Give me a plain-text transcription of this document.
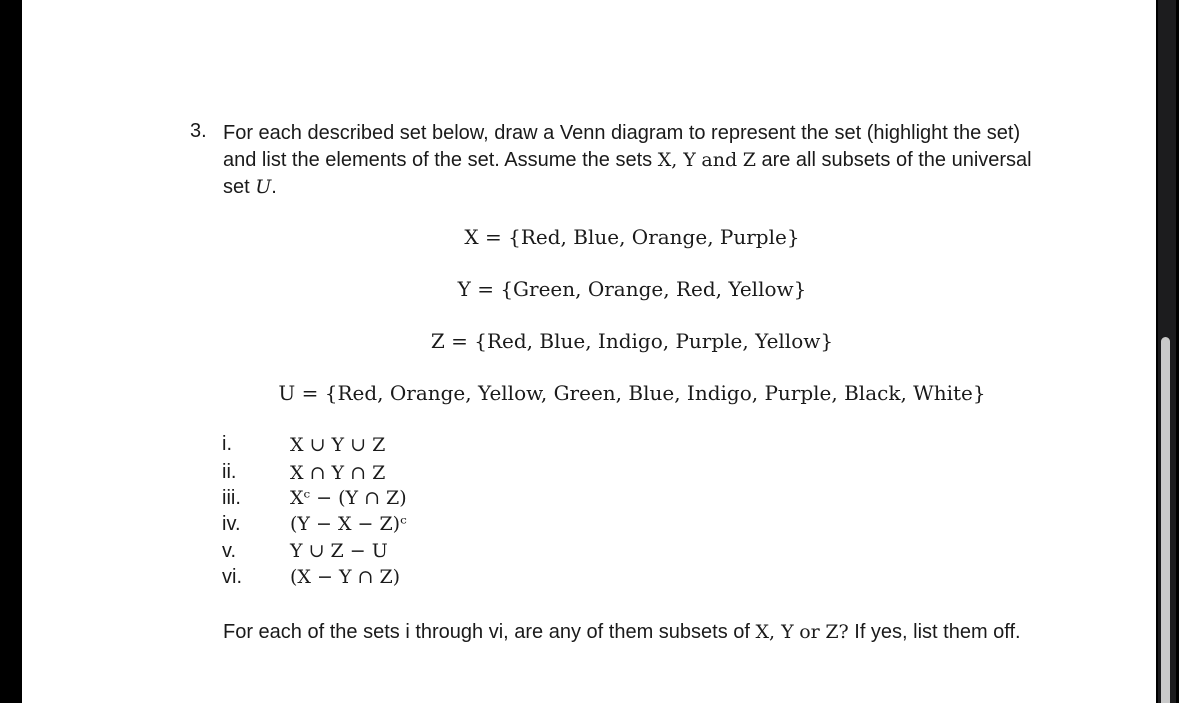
3. For each described set below, draw a Venn diagram to represent the set (highlight the set) and list the elements of the set. Assume the sets X, Y and Z are all subsets of the universal set U.
X = {Red, Blue, Orange, Purple}
Y = {Green, Orange, Red, Yellow}
Z = {Red, Blue, Indigo, Purple, Yellow}
U = {Red, Orange, Yellow, Green, Blue, Indigo, Purple, Black, White}
i.	X ∪ Y ∪ Z
ii.	X ∩ Y ∩ Z
iii.	Xᶜ − (Y ∩ Z)
iv.	(Y − X − Z)ᶜ
v.	Y ∪ Z − U
vi.	(X − Y ∩ Z)
For each of the sets i through vi, are any of them subsets of X, Y or Z? If yes, list them off.
